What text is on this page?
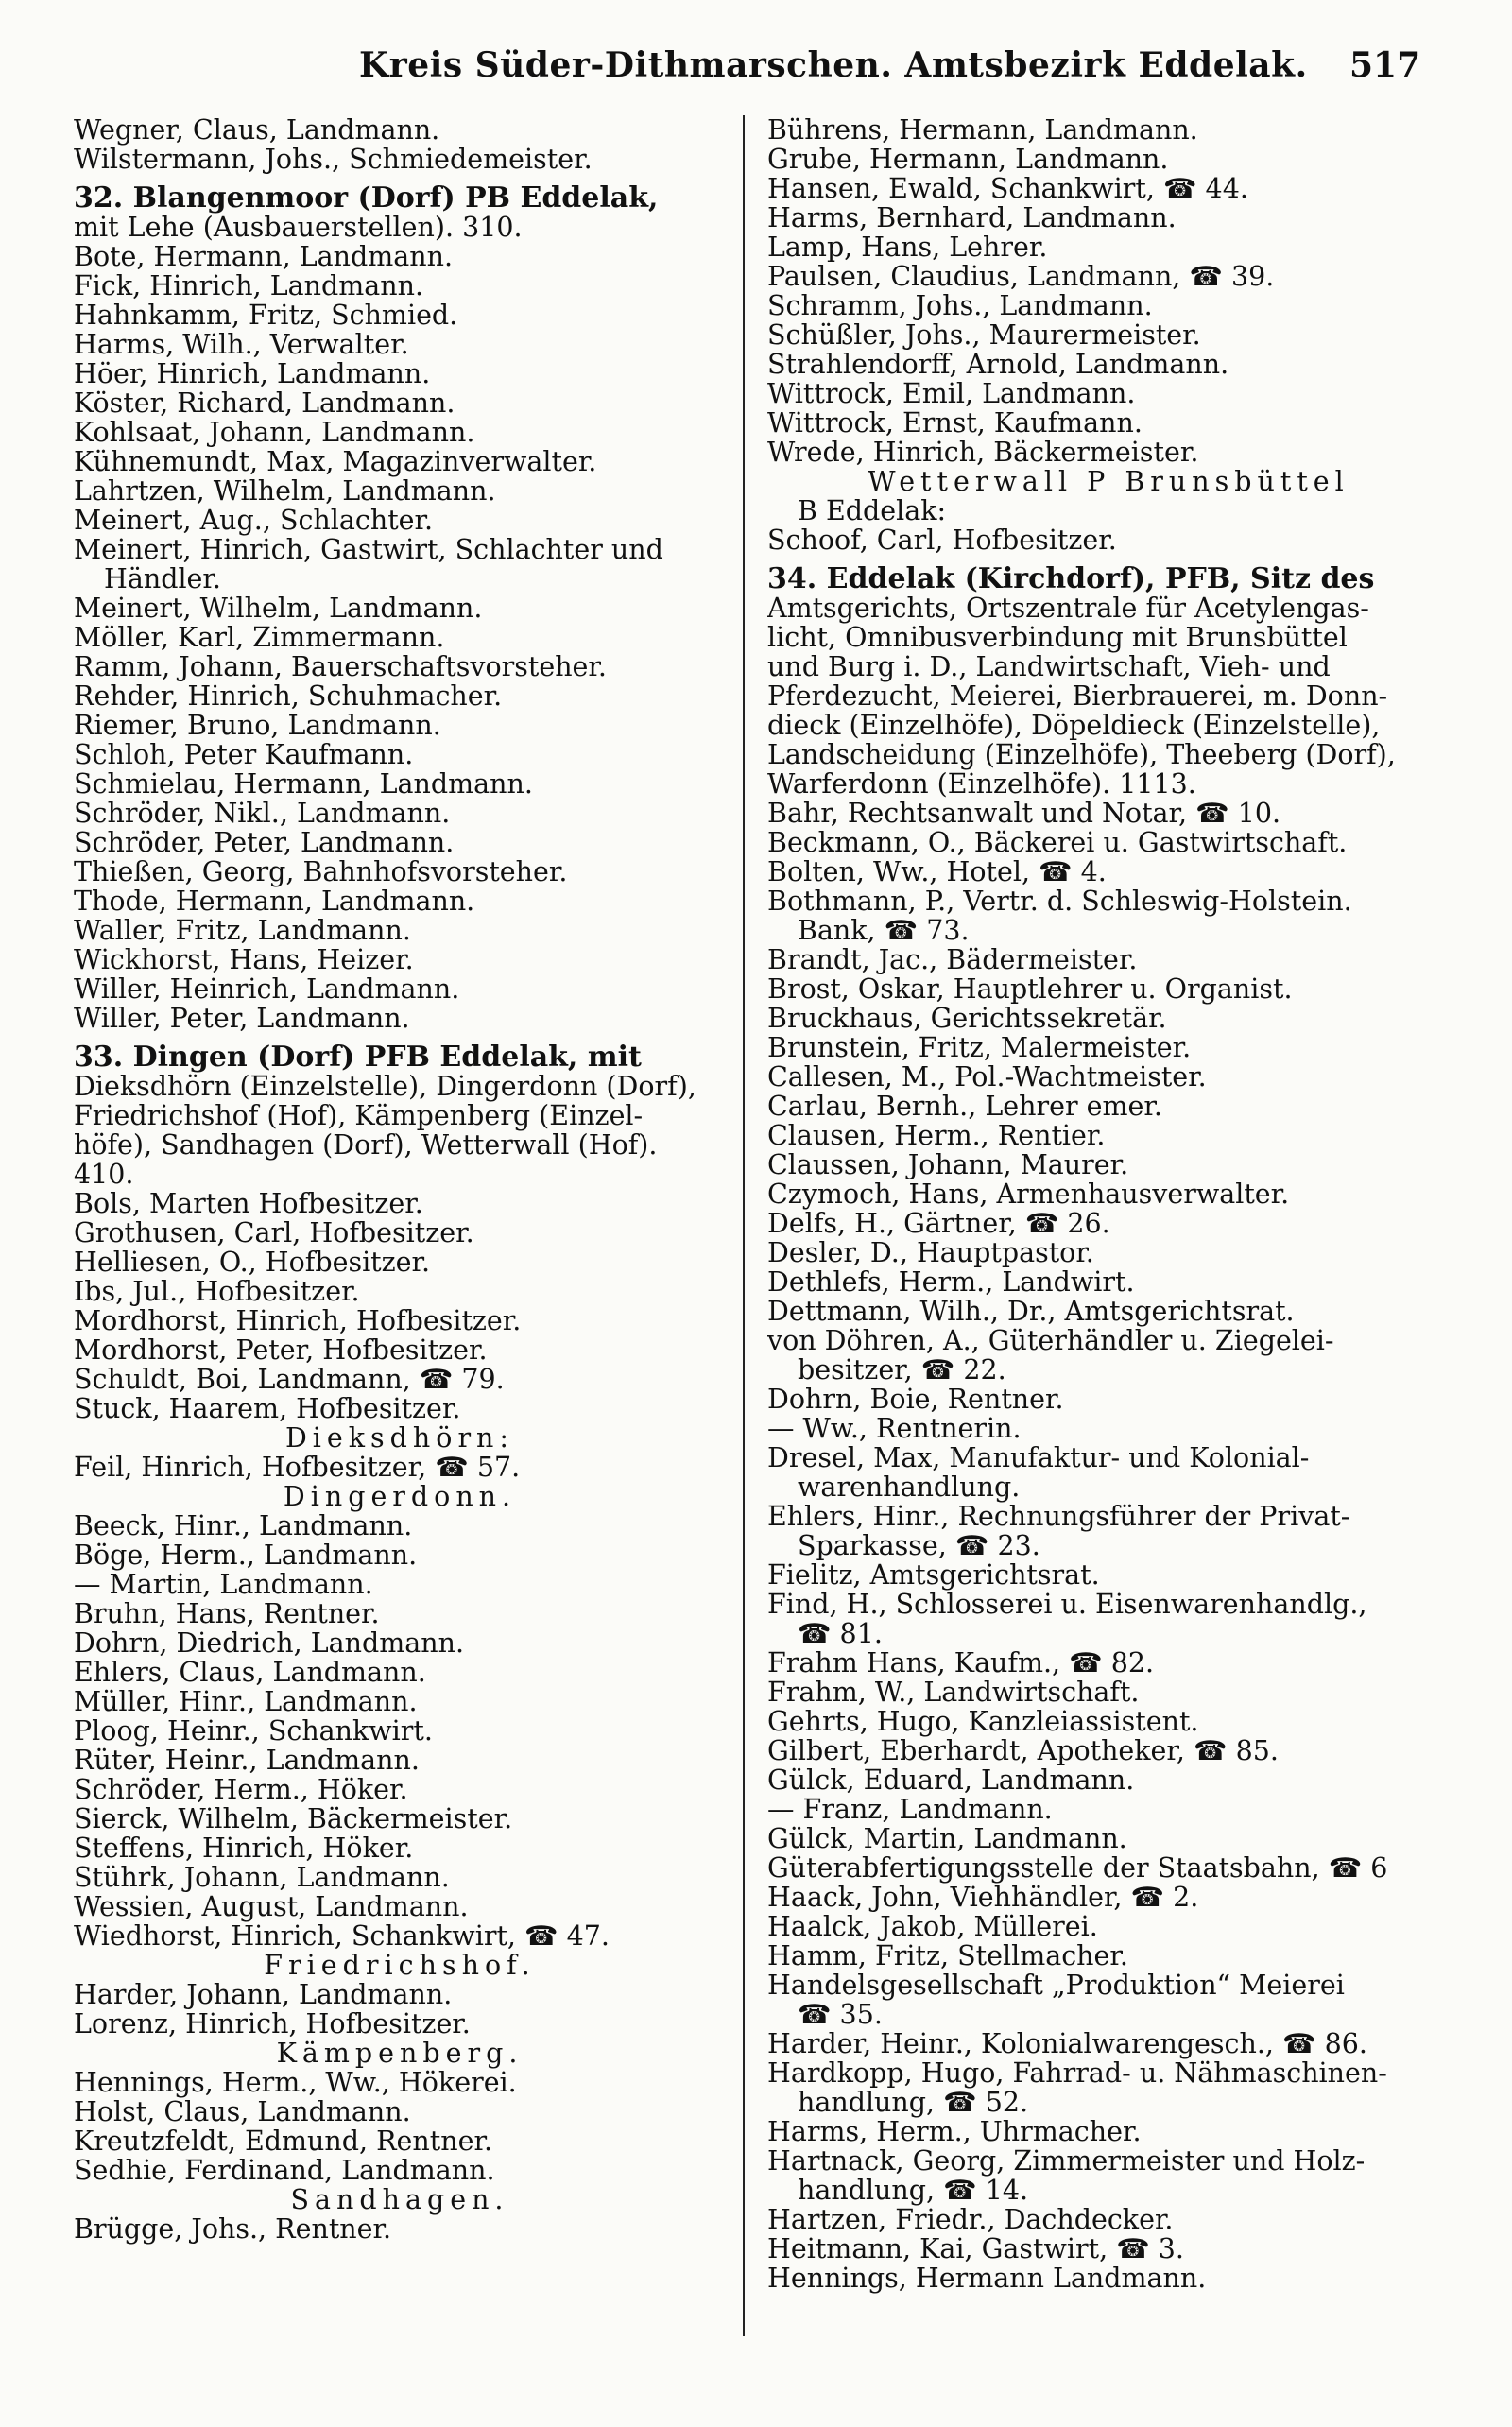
Kreis Süder-Dithmarschen. Amtsbezirk Eddelak. 517

Wegner, Claus, Landmann.

Wilstermann, Johs., Schmiedemeister.

32. Blangenmoor (Dorf) PB Eddelak,

mit Lehe (Ausbauerstellen). 310.

Bote, Hermann, Landmann.

Fick, Hinrich, Landmann.

Hahnkamm, Fritz, Schmied.

Harms, Wilh., Verwalter.

Höer, Hinrich, Landmann.

Köster, Richard, Landmann.

Kohlsaat, Johann, Landmann.

Kühnemundt, Max, Magazinverwalter.

Lahrtzen, Wilhelm, Landmann.

Meinert, Aug., Schlachter.

Meinert, Hinrich, Gastwirt, Schlachter und

Händler.

Meinert, Wilhelm, Landmann.

Möller, Karl, Zimmermann.

Ramm, Johann, Bauerschaftsvorsteher.

Rehder, Hinrich, Schuhmacher.

Riemer, Bruno, Landmann.

Schloh, Peter Kaufmann.

Schmielau, Hermann, Landmann.

Schröder, Nikl., Landmann.

Schröder, Peter, Landmann.

Thießen, Georg, Bahnhofsvorsteher.

Thode, Hermann, Landmann.

Waller, Fritz, Landmann.

Wickhorst, Hans, Heizer.

Willer, Heinrich, Landmann.

Willer, Peter, Landmann.

33. Dingen (Dorf) PFB Eddelak, mit

Dieksdhörn (Einzelstelle), Dingerdonn (Dorf),

Friedrichshof (Hof), Kämpenberg (Einzel-

höfe), Sandhagen (Dorf), Wetterwall (Hof).

410.

Bols, Marten Hofbesitzer.

Grothusen, Carl, Hofbesitzer.

Helliesen, O., Hofbesitzer.

Ibs, Jul., Hofbesitzer.

Mordhorst, Hinrich, Hofbesitzer.

Mordhorst, Peter, Hofbesitzer.

Schuldt, Boi, Landmann, ☎ 79.

Stuck, Haarem, Hofbesitzer.

Dieksdhörn:

Feil, Hinrich, Hofbesitzer, ☎ 57.

Dingerdonn.

Beeck, Hinr., Landmann.

Böge, Herm., Landmann.

— Martin, Landmann.

Bruhn, Hans, Rentner.

Dohrn, Diedrich, Landmann.

Ehlers, Claus, Landmann.

Müller, Hinr., Landmann.

Ploog, Heinr., Schankwirt.

Rüter, Heinr., Landmann.

Schröder, Herm., Höker.

Sierck, Wilhelm, Bäckermeister.

Steffens, Hinrich, Höker.

Stührk, Johann, Landmann.

Wessien, August, Landmann.

Wiedhorst, Hinrich, Schankwirt, ☎ 47.

Friedrichshof.

Harder, Johann, Landmann.

Lorenz, Hinrich, Hofbesitzer.

Kämpenberg.

Hennings, Herm., Ww., Hökerei.

Holst, Claus, Landmann.

Kreutzfeldt, Edmund, Rentner.

Sedhie, Ferdinand, Landmann.

Sandhagen.

Brügge, Johs., Rentner.

Bührens, Hermann, Landmann.

Grube, Hermann, Landmann.

Hansen, Ewald, Schankwirt, ☎ 44.

Harms, Bernhard, Landmann.

Lamp, Hans, Lehrer.

Paulsen, Claudius, Landmann, ☎ 39.

Schramm, Johs., Landmann.

Schüßler, Johs., Maurermeister.

Strahlendorff, Arnold, Landmann.

Wittrock, Emil, Landmann.

Wittrock, Ernst, Kaufmann.

Wrede, Hinrich, Bäckermeister.

Wetterwall P Brunsbüttel

B Eddelak:

Schoof, Carl, Hofbesitzer.

34. Eddelak (Kirchdorf), PFB, Sitz des

Amtsgerichts, Ortszentrale für Acetylengas-

licht, Omnibusverbindung mit Brunsbüttel

und Burg i. D., Landwirtschaft, Vieh- und

Pferdezucht, Meierei, Bierbrauerei, m. Donn-

dieck (Einzelhöfe), Döpeldieck (Einzelstelle),

Landscheidung (Einzelhöfe), Theeberg (Dorf),

Warferdonn (Einzelhöfe). 1113.

Bahr, Rechtsanwalt und Notar, ☎ 10.

Beckmann, O., Bäckerei u. Gastwirtschaft.

Bolten, Ww., Hotel, ☎ 4.

Bothmann, P., Vertr. d. Schleswig-Holstein.

Bank, ☎ 73.

Brandt, Jac., Bädermeister.

Brost, Oskar, Hauptlehrer u. Organist.

Bruckhaus, Gerichtssekretär.

Brunstein, Fritz, Malermeister.

Callesen, M., Pol.-Wachtmeister.

Carlau, Bernh., Lehrer emer.

Clausen, Herm., Rentier.

Claussen, Johann, Maurer.

Czymoch, Hans, Armenhausverwalter.

Delfs, H., Gärtner, ☎ 26.

Desler, D., Hauptpastor.

Dethlefs, Herm., Landwirt.

Dettmann, Wilh., Dr., Amtsgerichtsrat.

von Döhren, A., Güterhändler u. Ziegelei-

besitzer, ☎ 22.

Dohrn, Boie, Rentner.

— Ww., Rentnerin.

Dresel, Max, Manufaktur- und Kolonial-

warenhandlung.

Ehlers, Hinr., Rechnungsführer der Privat-

Sparkasse, ☎ 23.

Fielitz, Amtsgerichtsrat.

Find, H., Schlosserei u. Eisenwarenhandlg.,

☎ 81.

Frahm Hans, Kaufm., ☎ 82.

Frahm, W., Landwirtschaft.

Gehrts, Hugo, Kanzleiassistent.

Gilbert, Eberhardt, Apotheker, ☎ 85.

Gülck, Eduard, Landmann.

— Franz, Landmann.

Gülck, Martin, Landmann.

Güterabfertigungsstelle der Staatsbahn, ☎ 6

Haack, John, Viehhändler, ☎ 2.

Haalck, Jakob, Müllerei.

Hamm, Fritz, Stellmacher.

Handelsgesellschaft „Produktion“ Meierei

☎ 35.

Harder, Heinr., Kolonialwarengesch., ☎ 86.

Hardkopp, Hugo, Fahrrad- u. Nähmaschinen-

handlung, ☎ 52.

Harms, Herm., Uhrmacher.

Hartnack, Georg, Zimmermeister und Holz-

handlung, ☎ 14.

Hartzen, Friedr., Dachdecker.

Heitmann, Kai, Gastwirt, ☎ 3.

Hennings, Hermann Landmann.
